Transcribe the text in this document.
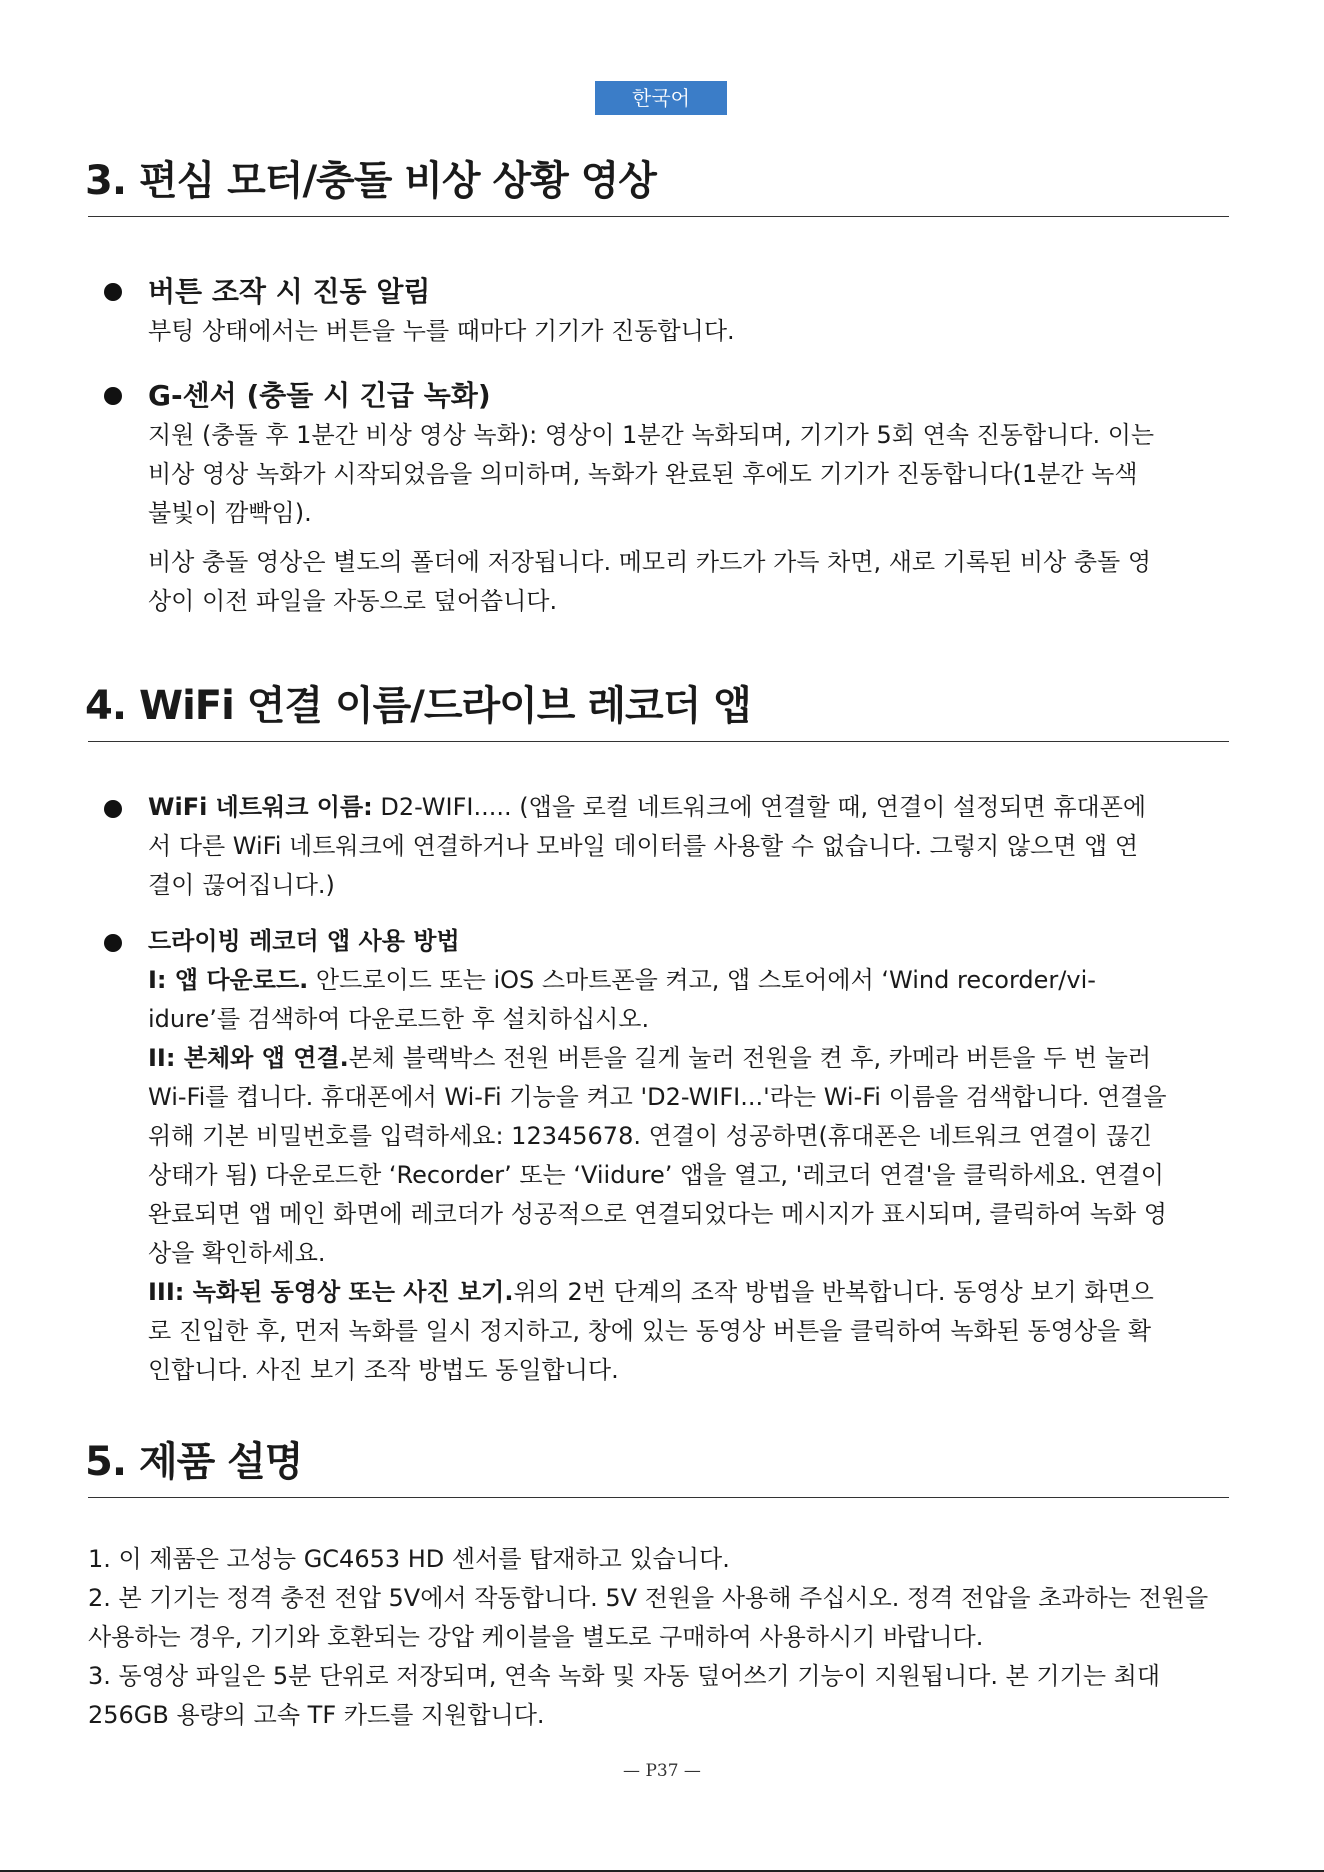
한국어
3. 편심 모터/충돌 비상 상황 영상
버튼 조작 시 진동 알림

부팅 상태에서는 버튼을 누를 때마다 기기가 진동합니다.

G-센서 (충돌 시 긴급 녹화)

지원 (충돌 후 1분간 비상 영상 녹화): 영상이 1분간 녹화되며, 기기가 5회 연속 진동합니다. 이는 비상 영상 녹화가 시작되었음을 의미하며, 녹화가 완료된 후에도 기기가 진동합니다(1분간 녹색 불빛이 깜빡임).

비상 충돌 영상은 별도의 폴더에 저장됩니다. 메모리 카드가 가득 차면, 새로 기록된 비상 충돌 영상이 이전 파일을 자동으로 덮어씁니다.

4. WiFi 연결 이름/드라이브 레코더 앱

WiFi 네트워크 이름: D2-WIFI..... (앱을 로컬 네트워크에 연결할 때, 연결이 설정되면 휴대폰에서 다른 WiFi 네트워크에 연결하거나 모바일 데이터를 사용할 수 없습니다. 그렇지 않으면 앱 연결이 끊어집니다.)

드라이빙 레코더 앱 사용 방법

I: 앱 다운로드. 안드로이드 또는 iOS 스마트폰을 켜고, 앱 스토어에서 ‘Wind recorder/vi-idure’를 검색하여 다운로드한 후 설치하십시오.

II: 본체와 앱 연결.본체 블랙박스 전원 버튼을 길게 눌러 전원을 켠 후, 카메라 버튼을 두 번 눌러 Wi-Fi를 켭니다. 휴대폰에서 Wi-Fi 기능을 켜고 'D2-WIFI...'라는 Wi-Fi 이름을 검색합니다. 연결을 위해 기본 비밀번호를 입력하세요: 12345678. 연결이 성공하면(휴대폰은 네트워크 연결이 끊긴 상태가 됨) 다운로드한 ‘Recorder’ 또는 ‘Viidure’ 앱을 열고, '레코더 연결'을 클릭하세요. 연결이 완료되면 앱 메인 화면에 레코더가 성공적으로 연결되었다는 메시지가 표시되며, 클릭하여 녹화 영상을 확인하세요.

III: 녹화된 동영상 또는 사진 보기.위의 2번 단계의 조작 방법을 반복합니다. 동영상 보기 화면으로 진입한 후, 먼저 녹화를 일시 정지하고, 창에 있는 동영상 버튼을 클릭하여 녹화된 동영상을 확인합니다. 사진 보기 조작 방법도 동일합니다.

5. 제품 설명

1. 이 제품은 고성능 GC4653 HD 센서를 탑재하고 있습니다.

2. 본 기기는 정격 충전 전압 5V에서 작동합니다. 5V 전원을 사용해 주십시오. 정격 전압을 초과하는 전원을 사용하는 경우, 기기와 호환되는 강압 케이블을 별도로 구매하여 사용하시기 바랍니다.

3. 동영상 파일은 5분 단위로 저장되며, 연속 녹화 및 자동 덮어쓰기 기능이 지원됩니다. 본 기기는 최대 256GB 용량의 고속 TF 카드를 지원합니다.

— P37 —
